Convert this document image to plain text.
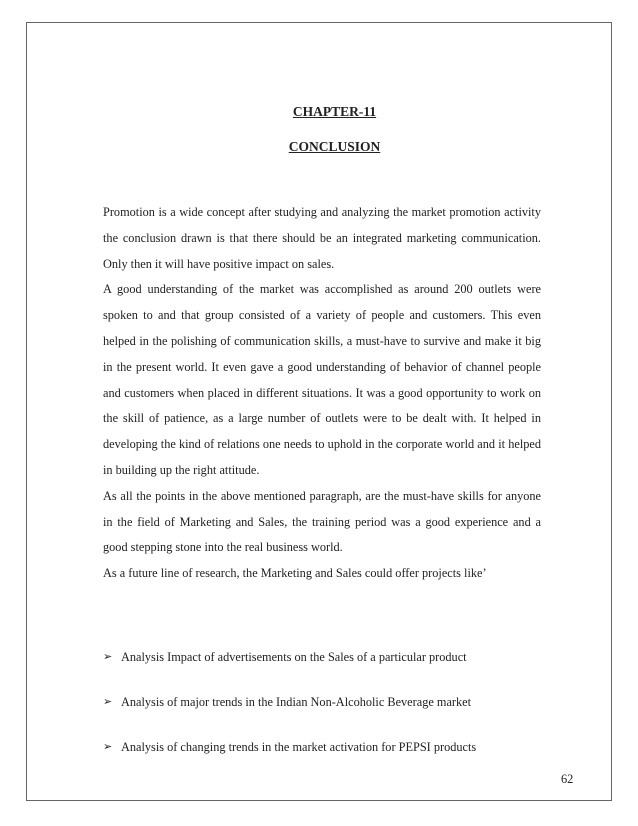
CHAPTER-11
CONCLUSION

Promotion is a wide concept after studying and analyzing the market promotion activity the conclusion drawn is that there should be an integrated marketing communication. Only then it will have positive impact on sales.

A good understanding of the market was accomplished as around 200 outlets were spoken to and that group consisted of a variety of people and customers. This even helped in the polishing of communication skills, a must-have to survive and make it big in the present world. It even gave a good understanding of behavior of channel people and customers when placed in different situations. It was a good opportunity to work on the skill of patience, as a large number of outlets were to be dealt with. It helped in developing the kind of relations one needs to uphold in the corporate world and it helped in building up the right attitude.

As all the points in the above mentioned paragraph, are the must-have skills for anyone in the field of Marketing and Sales, the training period was a good experience and a good stepping stone into the real business world.

As a future line of research, the Marketing and Sales could offer projects like’

➢ Analysis Impact of advertisements on the Sales of a particular product
➢ Analysis of major trends in the Indian Non-Alcoholic Beverage market
➢ Analysis of changing trends in the market activation for PEPSI products
62
